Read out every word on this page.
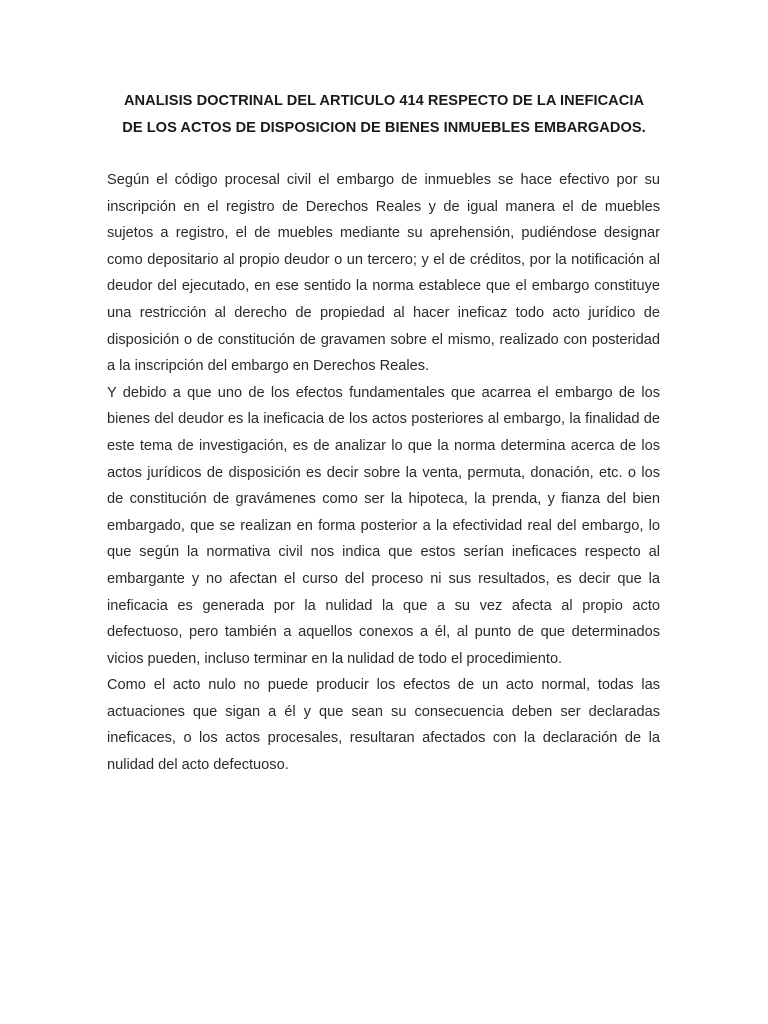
ANALISIS DOCTRINAL DEL ARTICULO 414 RESPECTO DE LA INEFICACIA
DE LOS ACTOS DE DISPOSICION DE BIENES INMUEBLES EMBARGADOS.

Según el código procesal civil el embargo de inmuebles se hace efectivo por su inscripción en el registro de Derechos Reales y de igual manera el de muebles sujetos a registro, el de muebles mediante su aprehensión, pudiéndose designar como depositario al propio deudor o un tercero; y el de créditos, por la notificación al deudor del ejecutado, en ese sentido la norma establece que el embargo constituye una restricción al derecho de propiedad al hacer ineficaz todo acto jurídico de disposición o de constitución de gravamen sobre el mismo, realizado con posteridad a la inscripción del embargo en Derechos Reales.

Y debido a que uno de los efectos fundamentales que acarrea el embargo de los bienes del deudor es la ineficacia de los actos posteriores al embargo, la finalidad de este tema de investigación, es de analizar lo que la norma determina acerca de los actos jurídicos de disposición es decir sobre la venta, permuta, donación, etc. o los de constitución de gravámenes como ser la hipoteca, la prenda, y fianza del bien embargado, que se realizan en forma posterior a la efectividad real del embargo, lo que según la normativa civil nos indica que estos serían ineficaces respecto al embargante y no afectan el curso del proceso ni sus resultados, es decir que la ineficacia es generada por la nulidad la que a su vez afecta al propio acto defectuoso, pero también a aquellos conexos a él, al punto de que determinados vicios pueden, incluso terminar en la nulidad de todo el procedimiento.

Como el acto nulo no puede producir los efectos de un acto normal, todas las actuaciones que sigan a él y que sean su consecuencia deben ser declaradas ineficaces, o los actos procesales, resultaran afectados con la declaración de la nulidad del acto defectuoso.
